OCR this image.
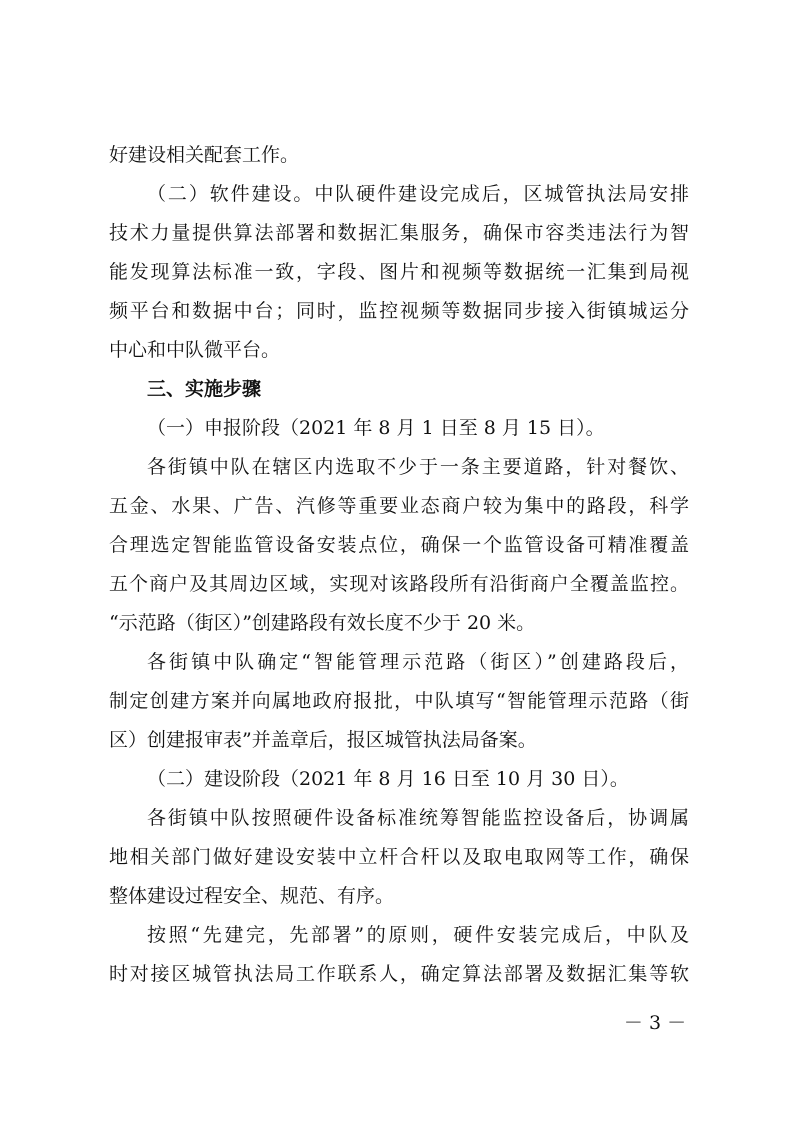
好建设相关配套工作。
（二）软件建设。中队硬件建设完成后，区城管执法局安排
技术力量提供算法部署和数据汇集服务，确保市容类违法行为智
能发现算法标准一致，字段、图片和视频等数据统一汇集到局视
频平台和数据中台；同时，监控视频等数据同步接入街镇城运分
中心和中队微平台。
三、实施步骤
（一）申报阶段（2021 年 8 月 1 日至 8 月 15 日）。
各街镇中队在辖区内选取不少于一条主要道路，针对餐饮、
五金、水果、广告、汽修等重要业态商户较为集中的路段，科学
合理选定智能监管设备安装点位，确保一个监管设备可精准覆盖
五个商户及其周边区域，实现对该路段所有沿街商户全覆盖监控。
“示范路（街区）”创建路段有效长度不少于 20 米。
各街镇中队确定“智能管理示范路（街区）”创建路段后，
制定创建方案并向属地政府报批，中队填写“智能管理示范路（街
区）创建报审表”并盖章后，报区城管执法局备案。
（二）建设阶段（2021 年 8 月 16 日至 10 月 30 日）。
各街镇中队按照硬件设备标准统筹智能监控设备后，协调属
地相关部门做好建设安装中立杆合杆以及取电取网等工作，确保
整体建设过程安全、规范、有序。
按照“先建完，先部署”的原则，硬件安装完成后，中队及
时对接区城管执法局工作联系人，确定算法部署及数据汇集等软
－ 3 －
